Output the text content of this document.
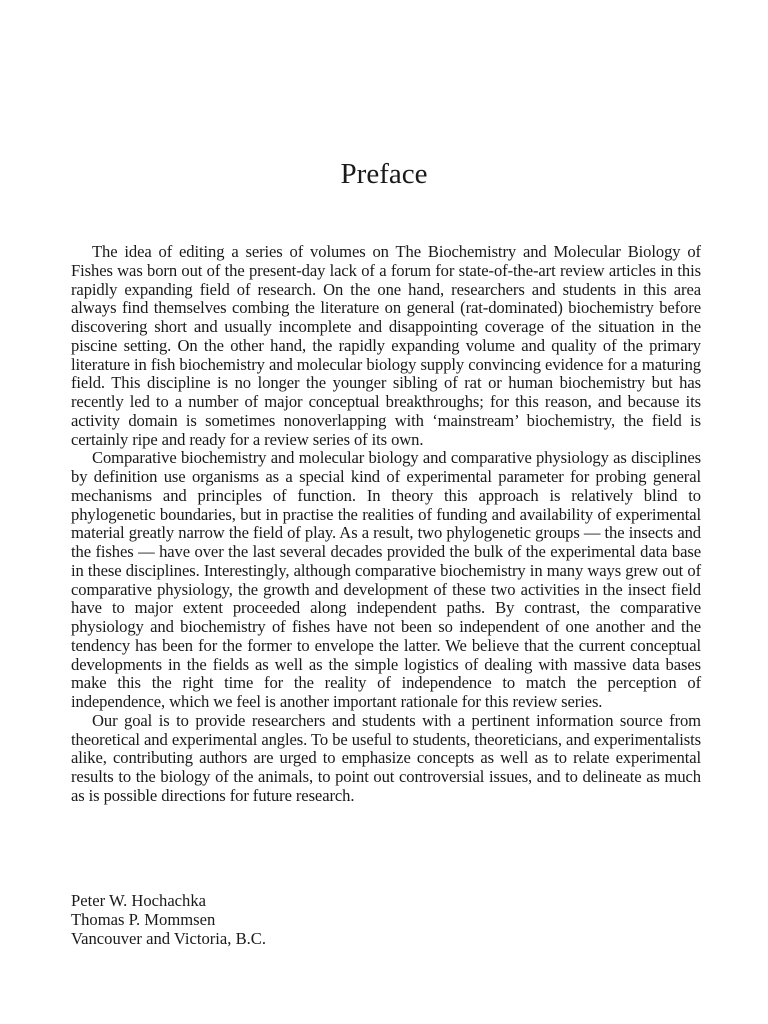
Preface

The idea of editing a series of volumes on The Biochemistry and Molecular Biology of Fishes was born out of the present-day lack of a forum for state-of-the-art review articles in this rapidly expanding field of research. On the one hand, researchers and students in this area always find themselves combing the literature on general (rat-dominated) biochemistry before discovering short and usually incomplete and disappointing coverage of the situation in the piscine setting. On the other hand, the rapidly expanding volume and quality of the primary literature in fish biochemistry and molecular biology supply convincing evidence for a maturing field. This discipline is no longer the younger sibling of rat or human biochemistry but has recently led to a number of major conceptual breakthroughs; for this reason, and because its activity domain is sometimes nonoverlapping with ‘mainstream’ biochemistry, the field is certainly ripe and ready for a review series of its own.

Comparative biochemistry and molecular biology and comparative physiology as disciplines by definition use organisms as a special kind of experimental parameter for probing general mechanisms and principles of function. In theory this approach is relatively blind to phylogenetic boundaries, but in practise the realities of funding and availability of experimental material greatly narrow the field of play. As a result, two phylogenetic groups — the insects and the fishes — have over the last several decades provided the bulk of the experimental data base in these disciplines. Interestingly, although comparative biochemistry in many ways grew out of comparative physiology, the growth and development of these two activities in the insect field have to major extent proceeded along independent paths. By contrast, the comparative physiology and biochemistry of fishes have not been so independent of one another and the tendency has been for the former to envelope the latter. We believe that the current conceptual developments in the fields as well as the simple logistics of dealing with massive data bases make this the right time for the reality of independence to match the perception of independence, which we feel is another important rationale for this review series.

Our goal is to provide researchers and students with a pertinent information source from theoretical and experimental angles. To be useful to students, theoreticians, and experimentalists alike, contributing authors are urged to emphasize concepts as well as to relate experimental results to the biology of the animals, to point out controversial issues, and to delineate as much as is possible directions for future research.

Peter W. Hochachka

Thomas P. Mommsen

Vancouver and Victoria, B.C.
